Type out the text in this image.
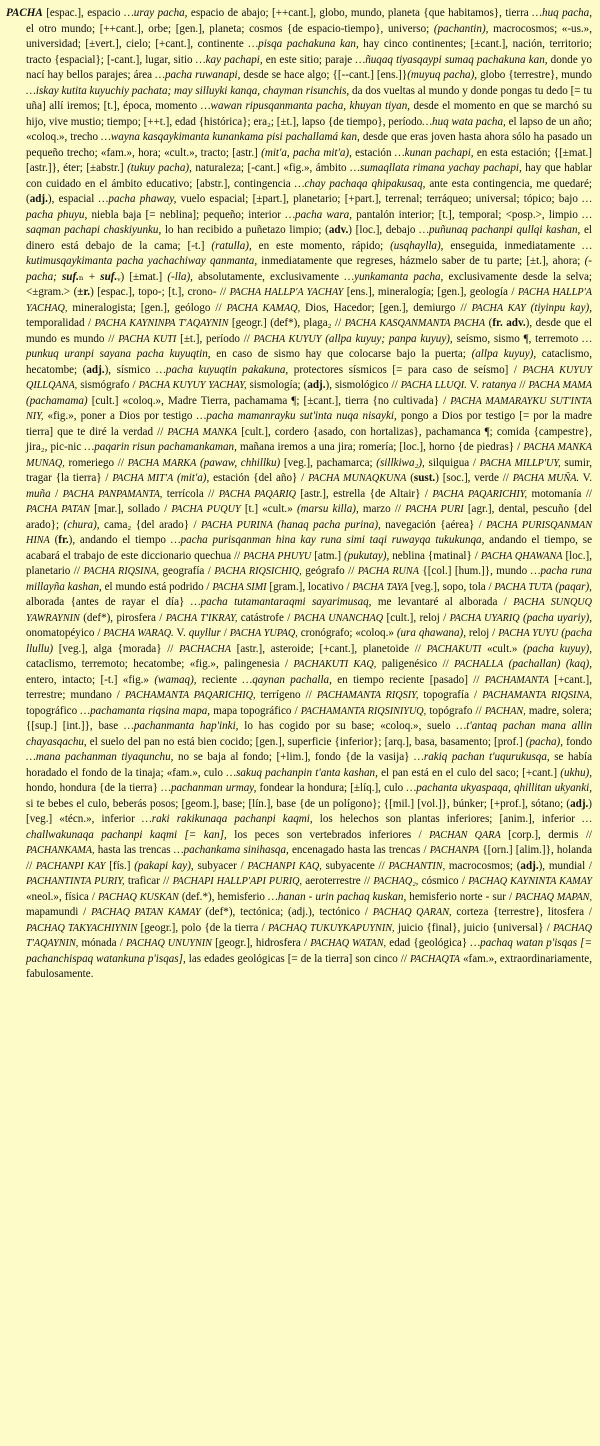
PACHA [espac.], espacio …uray pacha, espacio de abajo; [++cant.], globo, mundo, planeta {que habitamos}, tierra …huq pacha, el otro mundo; [++cant.], orbe; [gen.], planeta; cosmos {de espacio-tiempo}, universo; (pachantin), macrocosmos; «-us.», universidad; [±vert.], cielo; [+cant.], continente …pisqa pachakuna kan, hay cinco continentes; [±cant.], nación, territorio; tracto {espacial}; [-cant.], lugar, sitio …kay pachapi, en este sitio; paraje …ñuqaq tiyasqaypi sumaq pachakuna kan, donde yo nací hay bellos parajes; área …pacha ruwanapi, desde se hace algo; {[--cant.] [ens.]}(muyuq pacha), globo {terrestre}, mundo …iskay kutita kuyuchiy pachata; may silluyki kanqa, chayman risunchis, da dos vueltas al mundo y donde pongas tu dedo [= tu uña] allí iremos; [t.], época, momento …wawan ripusqanmanta pacha, khuyan tiyan, desde el momento en que se marchó su hijo, vive mustio; tiempo; [++t.], edad {histórica}; era₂; [±t.], lapso {de tiempo}, período…huq wata pacha, el lapso de un año; «coloq.», trecho …wayna kasqaykimanta kunankama pisi pachallamá kan, desde que eras joven hasta ahora sólo ha pasado un pequeño trecho; «fam.», hora; «cult.», tracto; [astr.] (mit'a, pacha mit'a), estación …kunan pachapi, en esta estación; {[±mat.] [astr.]}, éter; [±abstr.] (tukuy pacha), naturaleza; [-cant.] «fig.», ámbito …sumaqllata rimana yachay pachapi, hay que hablar con cuidado en el ámbito educativo; [abstr.], contingencia …chay pachaqa qhipakusaq, ante esta contingencia, me quedaré; (adj.), espacial …pacha phaway, vuelo espacial; [±part.], planetario; [+part.], terrenal; terráqueo; universal; tópico; bajo …pacha phuyu, niebla baja [= neblina]; pequeño; interior …pacha wara, pantalón interior; [t.], temporal; <posp.>, limpio …saqman pachapi chaskiyunku, lo han recibido a puñetazo limpio; (adv.) [loc.], debajo …puñunaq pachanpi qullqi kashan, el dinero está debajo de la cama; [-t.] (ratulla), en este momento, rápido; (usqhaylla), enseguida, inmediatamente …kutimusqaykimanta pacha yachachiway qanmanta, inmediatamente que regreses, házmelo saber de tu parte; [±t.], ahora; (-pacha; suf.ₙ + suf.ᵥ) [±mat.] (-lla), absolutamente, exclusivamente …yunkamanta pacha, exclusivamente desde la selva; <±gram.> (±r.) [espac.], topo-; [t.], crono- // PACHA HALLP'A YACHAY [ens.], mineralogía; [gen.], geología / PACHA HALLP'A YACHAQ, mineralogista; [gen.], geólogo // PACHA KAMAQ, Dios, Hacedor; [gen.], demiurgo // PACHA KAY (tiyinpu kay), temporalidad / PACHA KAYNINPA T'AQAYNIN [geogr.] (def*), plaga₂ // PACHA KASQANMANTA PACHA (fr. adv.), desde que el mundo es mundo // PACHA KUTI [±t.], período // PACHA KUYUY (allpa kuyuy; panpa kuyuy), seísmo, sismo ¶, terremoto …punkuq uranpi sayana pacha kuyuqtin, en caso de sismo hay que colocarse bajo la puerta; (allpa kuyuy), cataclismo, hecatombe; (adj.), sísmico …pacha kuyuqtin pakakuna, protectores sísmicos [= para caso de seísmo] / PACHA KUYUY QILLQANA, sismógrafo / PACHA KUYUY YACHAY, sismología; (adj.), sismológico // PACHA LLUQI. V. ratanya // PACHA MAMA (pachamama) [cult.] «coloq.», Madre Tierra, pachamama ¶; [±cant.], tierra {no cultivada} / PACHA MAMARAYKU SUT'INTA NIY, «fig.», poner a Dios por testigo …pacha mamanrayku sut'inta nuqa nisayki, pongo a Dios por testigo [= por la madre tierra] que te diré la verdad // PACHA MANKA [cult.], cordero {asado, con hortalizas}, pachamanca ¶; comida {campestre}, jira₂, pic-nic …paqarin risun pachamankaman, mañana iremos a una jira; romería; [loc.], horno {de piedras} / PACHA MANKA MUNAQ, romeriego // PACHA MARKA (pawaw, chhillku) [veg.], pachamarca; (sillkiwa₂), silquigua / PACHA MILLP'UY, sumir, tragar {la tierra} / PACHA MIT'A (mit'a), estación {del año} / PACHA MUNAQKUNA (sust.) [soc.], verde // PACHA MUÑA. V. muña / PACHA PANPAMANTA, terrícola // PACHA PAQARIQ [astr.], estrella {de Altair} / PACHA PAQARICHIY, motomanía // PACHA PATAN [mar.], sollado / PACHA PUQUY [t.] «cult.» (marsu killa), marzo // PACHA PURI [agr.], dental, pescuño {del arado}; (chura), cama₂ {del arado} / PACHA PURINA (hanaq pacha purina), navegación {aérea} / PACHA PURISQANMAN HINA (fr.), andando el tiempo …pacha purisqanman hina kay runa simi taqi ruwayqa tukukunqa, andando el tiempo, se acabará el trabajo de este diccionario quechua // PACHA PHUYU [atm.] (pukutay), neblina {matinal} / PACHA QHAWANA [loc.], planetario // PACHA RIQSINA, geografía / PACHA RIQSICHIQ, geógrafo // PACHA RUNA {[col.] [hum.]}, mundo …pacha runa millayña kashan, el mundo está podrido / PACHA SIMI [gram.], locativo / PACHA TAYA [veg.], sopo, tola / PACHA TUTA (paqar), alborada {antes de rayar el día} …pacha tutamantaraqmi sayarimusaq, me levantaré al alborada / PACHA SUNQUQ YAWRAYNIN (def*), pirosfera / PACHA T'IKRAY, catástrofe / PACHA UNANCHAQ [cult.], reloj / PACHA UYARIQ (pacha uyariy), onomatopéyico / PACHA WARAQ. V. quyllur / PACHA YUPAQ, cronógrafo; «coloq.» (ura qhawana), reloj / PACHA YUYU (pacha llullu) [veg.], alga {morada} // PACHACHA [astr.], asteroide; [+cant.], planetoide // PACHAKUTI «cult.» (pacha kuyuy), cataclismo, terremoto; hecatombe; «fig.», palingenesia / PACHAKUTI KAQ, paligenésico // PACHALLA (pachallan) (kaq), entero, intacto; [-t.] «fig.» (wamaq), reciente …qaynan pachalla, en tiempo reciente [pasado] // PACHAMANTA [+cant.], terrestre; mundano / PACHAMANTA PAQARICHIQ, terrígeno // PACHAMANTA RIQSIY, topografía / PACHAMANTA RIQSINA, topográfico …pachamanta riqsina mapa, mapa topográfico / PACHAMANTA RIQSINIYUQ, topógrafo // PACHAN, madre, solera; {[sup.] [int.]}, base …pachanmanta hap'inki, lo has cogido por su base; «coloq.», suelo …t'antaq pachan mana allin chayasqachu, el suelo del pan no está bien cocido; [gen.], superficie {inferior}; [arq.], basa, basamento; [prof.] (pacha), fondo …mana pachanman tiyaqunchu, no se baja al fondo; [+lim.], fondo {de la vasija} …rakiq pachan t'uqurukusqa, se había horadado el fondo de la tinaja; «fam.», culo …sakuq pachanpin t'anta kashan, el pan está en el culo del saco; [+cant.] (ukhu), hondo, hondura {de la tierra} …pachanman urmay, fondear la hondura; [±líq.], culo …pachanta ukyaspaqa, qhillitan ukyanki, si te bebes el culo, beberás posos; [geom.], base; [lín.], base {de un polígono}; {[mil.] [vol.]}, búnker; [+prof.], sótano; (adj.) [veg.] «técn.», inferior …raki rakikunaqa pachanpi kaqmi, los helechos son plantas inferiores; [anim.], inferior …challwakunaqa pachanpi kaqmi [= kan], los peces son vertebrados inferiores / PACHAN QARA [corp.], dermis // PACHANKAMA, hasta las trencas …pachankama sinihasqa, encenagado hasta las trencas / PACHANPA {[orn.] [alim.]}, holanda // PACHANPI KAY [fís.] (pakapi kay), subyacer / PACHANPI KAQ, subyacente // PACHANTIN, macrocosmos; (adj.), mundial / PACHANTINTA PURIY, traficar // PACHAPI HALLP'API PURIQ, aeroterrestre // PACHAQ₂, cósmico / PACHAQ KAYNINTA KAMAY «neol.», física / PACHAQ KUSKAN (def.*), hemisferio …hanan - urin pachaq kuskan, hemisferio norte - sur / PACHAQ MAPAN, mapamundi / PACHAQ PATAN KAMAY (def*), tectónica; (adj.), tectónico / PACHAQ QARAN, corteza {terrestre}, litosfera / PACHAQ TAKYACHIYNIN [geogr.], polo {de la tierra / PACHAQ TUKUYKAPUYNIN, juicio {final}, juicio {universal} / PACHAQ T'AQAYNIN, mónada / PACHAQ UNUYNIN [geogr.], hidrosfera / PACHAQ WATAN, edad {geológica} …pachaq watan p'isqas [= pachanchispaq watankuna p'isqas], las edades geológicas [= de la tierra] son cinco // PACHAQTA «fam.», extraordinariamente, fabulosamente.
